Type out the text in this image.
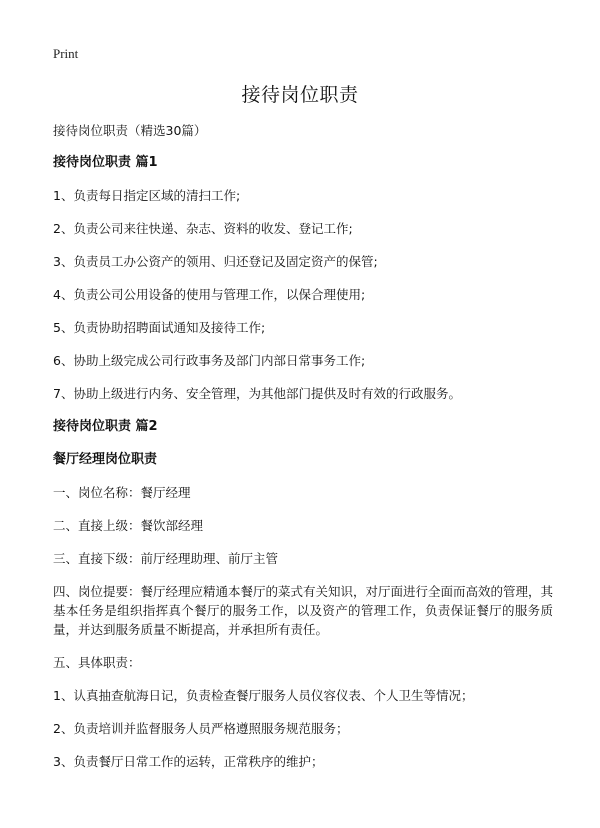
Print
接待岗位职责
接待岗位职责（精选30篇）
接待岗位职责 篇1
1、负责每日指定区域的清扫工作;
2、负责公司来往快递、杂志、资料的收发、登记工作;
3、负责员工办公资产的领用、归还登记及固定资产的保管;
4、负责公司公用设备的使用与管理工作，以保合理使用;
5、负责协助招聘面试通知及接待工作;
6、协助上级完成公司行政事务及部门内部日常事务工作;
7、协助上级进行内务、安全管理，为其他部门提供及时有效的行政服务。
接待岗位职责 篇2
餐厅经理岗位职责
一、岗位名称：餐厅经理
二、直接上级：餐饮部经理
三、直接下级：前厅经理助理、前厅主管
四、岗位提要：餐厅经理应精通本餐厅的菜式有关知识，对厅面进行全面而高效的管理，其基本任务是组织指挥真个餐厅的服务工作，以及资产的管理工作，负责保证餐厅的服务质量，并达到服务质量不断提高，并承担所有责任。
五、具体职责：
1、认真抽查航海日记，负责检查餐厅服务人员仪容仪表、个人卫生等情况；
2、负责培训并监督服务人员严格遵照服务规范服务；
3、负责餐厅日常工作的运转，正常秩序的维护；
